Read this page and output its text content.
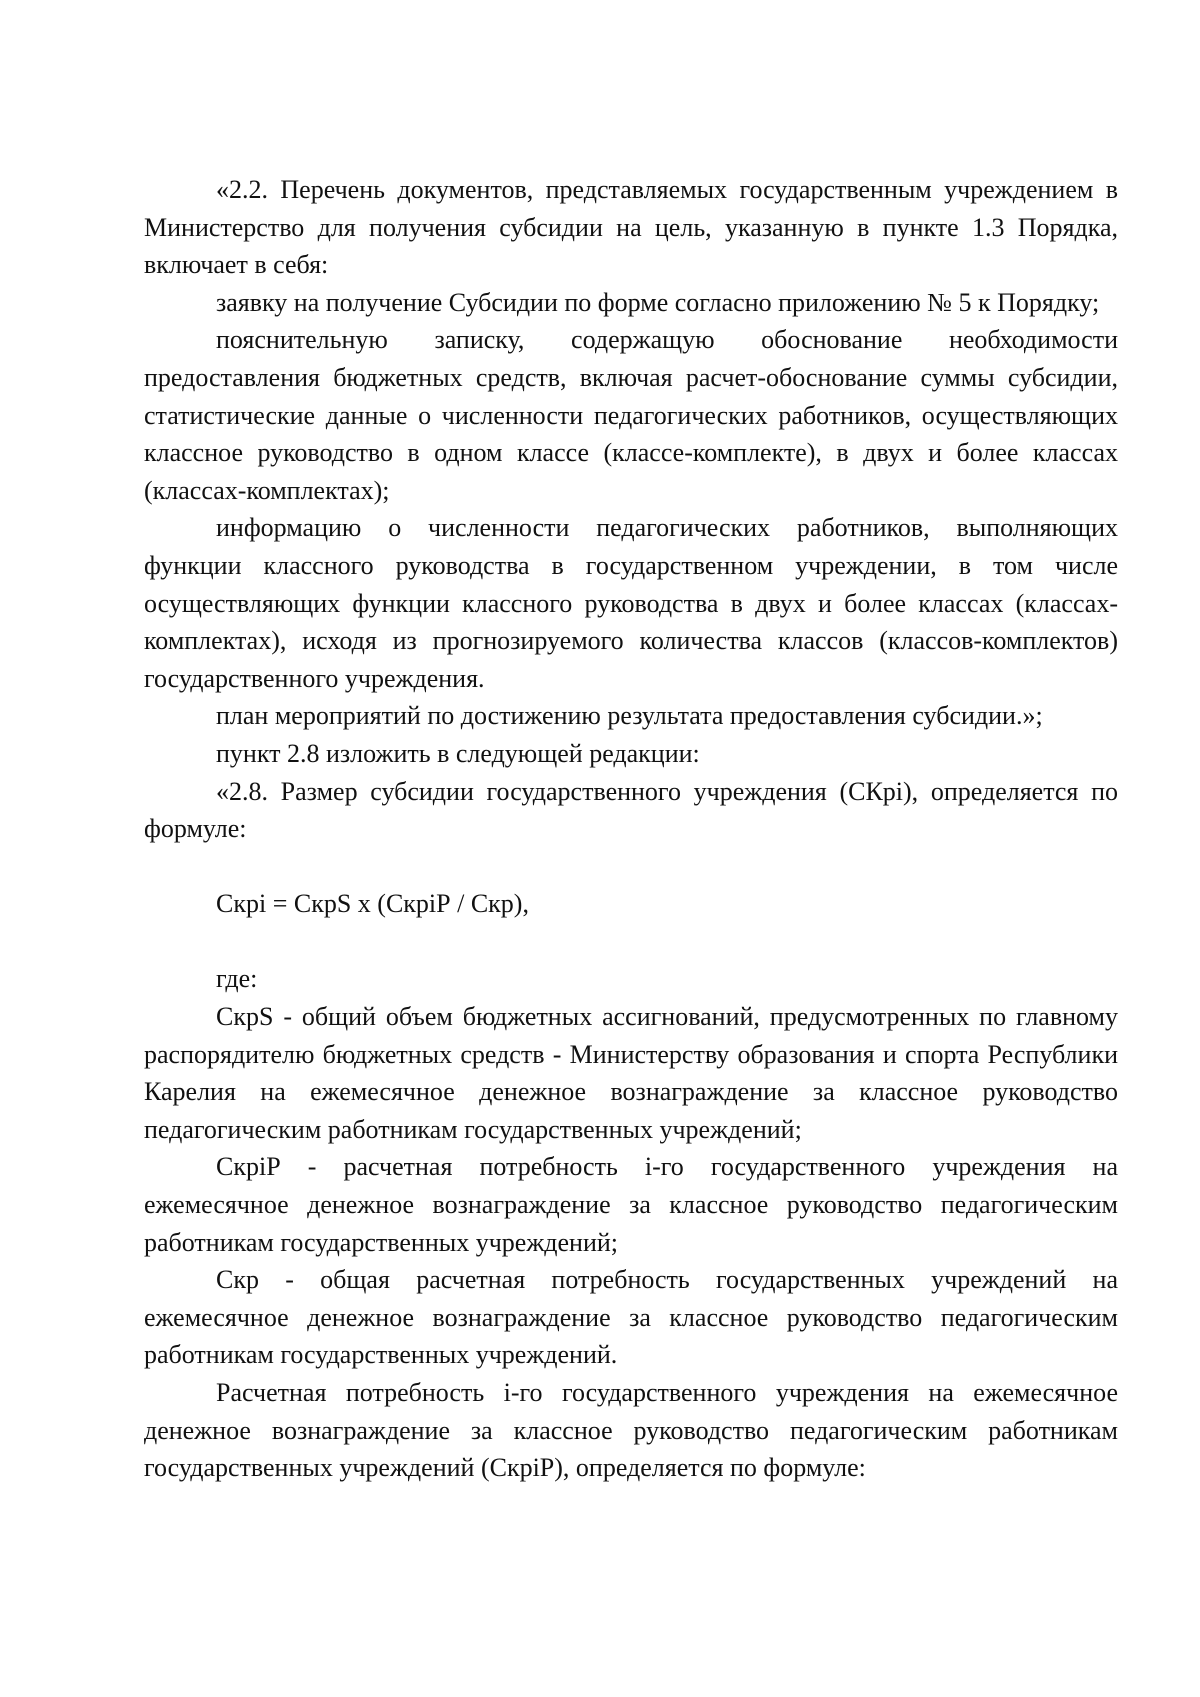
«2.2. Перечень документов, представляемых государственным учреждением в Министерство для получения субсидии на цель, указанную в пункте 1.3 Порядка, включает в себя:

заявку на получение Субсидии по форме согласно приложению № 5 к Порядку;

пояснительную записку, содержащую обоснование необходимости предоставления бюджетных средств, включая расчет-обоснование суммы субсидии, статистические данные о численности педагогических работников, осуществляющих классное руководство в одном классе (классе-комплекте), в двух и более классах (классах-комплектах);

информацию о численности педагогических работников, выполняющих функции классного руководства в государственном учреждении, в том числе осуществляющих функции классного руководства в двух и более классах (классах-комплектах), исходя из прогнозируемого количества классов (классов-комплектов) государственного учреждения.

план мероприятий по достижению результата предоставления субсидии.»;

пункт 2.8 изложить в следующей редакции:

«2.8. Размер субсидии государственного учреждения (СКрi), определяется по формуле:

Скрi = СкрS х (СкрiР / Скр),

где:

СкрS - общий объем бюджетных ассигнований, предусмотренных по главному распорядителю бюджетных средств - Министерству образования и спорта Республики Карелия на ежемесячное денежное вознаграждение за классное руководство педагогическим работникам государственных учреждений;

СкрiР - расчетная потребность i-го государственного учреждения на ежемесячное денежное вознаграждение за классное руководство педагогическим работникам государственных учреждений;

Скр - общая расчетная потребность государственных учреждений на ежемесячное денежное вознаграждение за классное руководство педагогическим работникам государственных учреждений.

Расчетная потребность i-го государственного учреждения на ежемесячное денежное вознаграждение за классное руководство педагогическим работникам государственных учреждений (СкрiР), определяется по формуле:
